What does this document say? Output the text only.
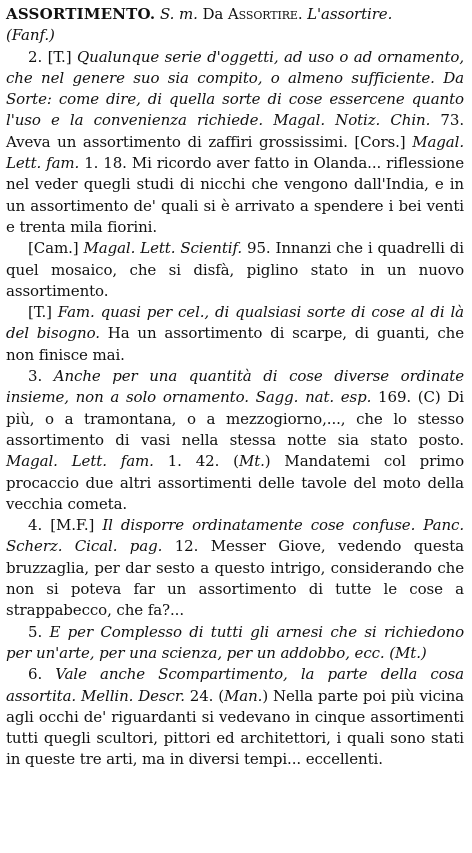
ASSORTIMENTO. S. m. Da Assortire. L'assortire.
(Fanf.)

2. [T.] Qualunque serie d'oggetti, ad uso o ad ornamento, che nel genere suo sia compito, o almeno sufficiente. Da Sorte: come dire, di quella sorte di cose essercene quanto l'uso e la convenienza richiede. Magal. Notiz. Chin. 73. Aveva un assortimento di zaffiri grossissimi. [Cors.] Magal. Lett. fam. 1. 18. Mi ricordo aver fatto in Olanda... riflessione nel veder quegli studi di nicchi che vengono dall'India, e in un assortimento de' quali si è arrivato a spendere i bei venti e trenta mila fiorini.

[Cam.] Magal. Lett. Scientif. 95. Innanzi che i quadrelli di quel mosaico, che si disfà, piglino stato in un nuovo assortimento.

[T.] Fam. quasi per cel., di qualsiasi sorte di cose al di là del bisogno. Ha un assortimento di scarpe, di guanti, che non finisce mai.

3. Anche per una quantità di cose diverse ordinate insieme, non a solo ornamento. Sagg. nat. esp. 169. (C) Di più, o a tramontana, o a mezzogiorno,..., che lo stesso assortimento di vasi nella stessa notte sia stato posto. Magal. Lett. fam. 1. 42. (Mt.) Mandatemi col primo procaccio due altri assortimenti delle tavole del moto della vecchia cometa.

4. [M.F.] Il disporre ordinatamente cose confuse. Panc. Scherz. Cical. pag. 12. Messer Giove, vedendo questa bruzzaglia, per dar sesto a questo intrigo, considerando che non si poteva far un assortimento di tutte le cose a strappabecco, che fa?...

5. E per Complesso di tutti gli arnesi che si richiedono per un'arte, per una scienza, per un addobbo, ecc. (Mt.)

6. Vale anche Scompartimento, la parte della cosa assortita. Mellin. Descr. 24. (Man.) Nella parte poi più vicina agli occhi de' riguardanti si vedevano in cinque assortimenti tutti quegli scultori, pittori ed architettori, i quali sono stati in queste tre arti, ma in diversi tempi... eccellenti.
